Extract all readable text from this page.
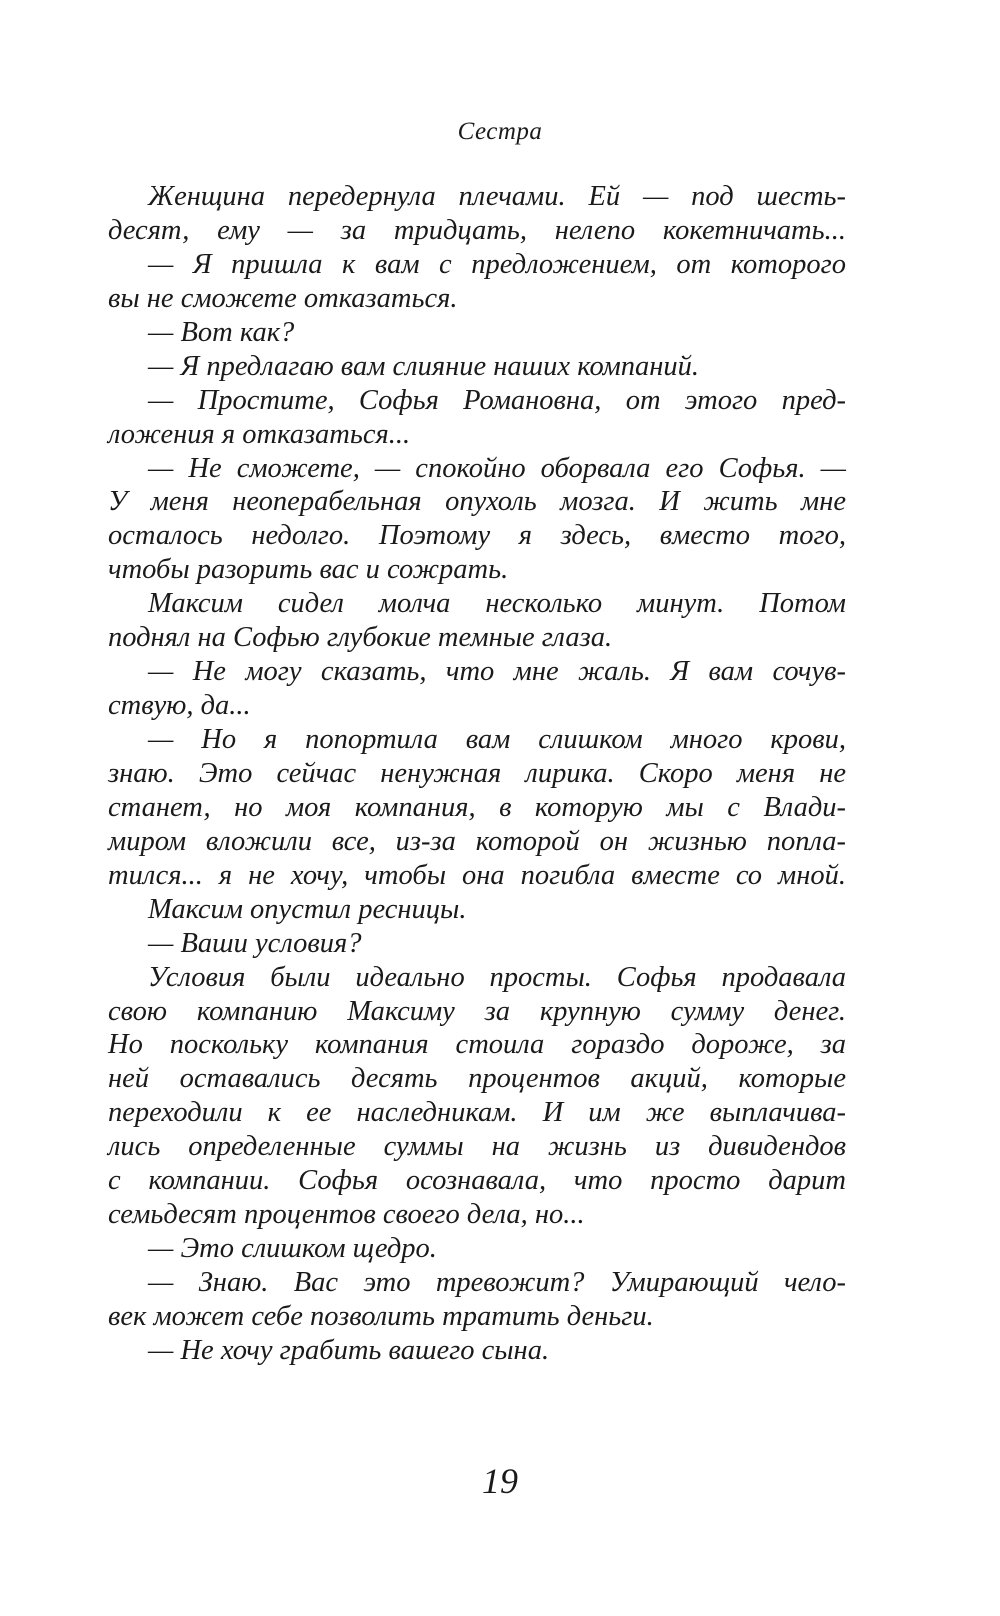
Сестра
Женщина передернула плечами. Ей — под шесть-
десят, ему — за тридцать, нелепо кокетничать...
— Я пришла к вам с предложением, от которого
вы не сможете отказаться.
— Вот как?
— Я предлагаю вам слияние наших компаний.
— Простите, Софья Романовна, от этого пред-
ложения я отказаться...
— Не сможете, — спокойно оборвала его Софья. —
У меня неоперабельная опухоль мозга. И жить мне
осталось недолго. Поэтому я здесь, вместо того,
чтобы разорить вас и сожрать.
Максим сидел молча несколько минут. Потом
поднял на Софью глубокие темные глаза.
— Не могу сказать, что мне жаль. Я вам сочув-
ствую, да...
— Но я попортила вам слишком много крови,
знаю. Это сейчас ненужная лирика. Скоро меня не
станет, но моя компания, в которую мы с Влади-
миром вложили все, из-за которой он жизнью попла-
тился... я не хочу, чтобы она погибла вместе со мной.
Максим опустил ресницы.
— Ваши условия?
Условия были идеально просты. Софья продавала
свою компанию Максиму за крупную сумму денег.
Но поскольку компания стоила гораздо дороже, за
ней оставались десять процентов акций, которые
переходили к ее наследникам. И им же выплачива-
лись определенные суммы на жизнь из дивидендов
с компании. Софья осознавала, что просто дарит
семьдесят процентов своего дела, но...
— Это слишком щедро.
— Знаю. Вас это тревожит? Умирающий чело-
век может себе позволить тратить деньги.
— Не хочу грабить вашего сына.
19
